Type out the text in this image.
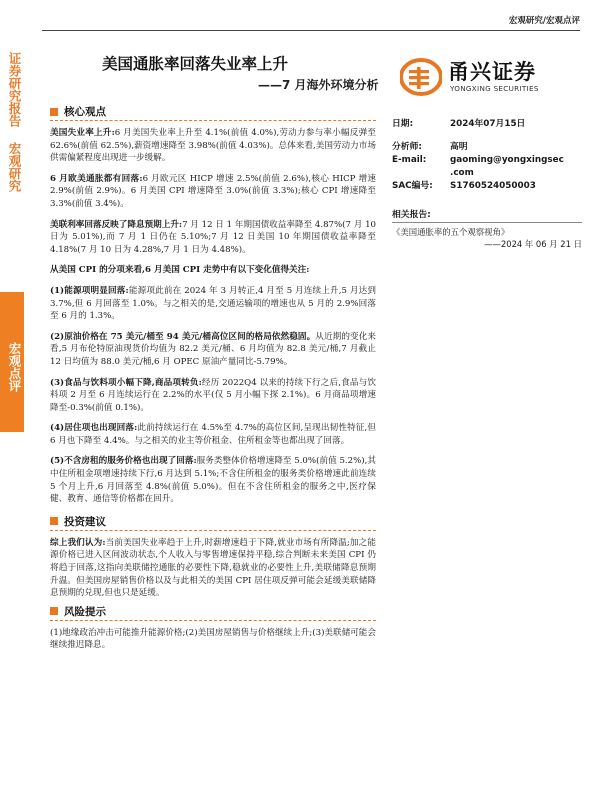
证券研究报告 宏观研究
宏观点评
宏观研究/宏观点评
美国通胀率回落失业率上升
——7 月海外环境分析
甬兴证券
YONGXING SECURITIES
核心观点

美国失业率上升:6 月美国失业率上升至 4.1%(前值 4.0%),劳动力参与率小幅反弹至 62.6%(前值 62.5%),薪资增速降至 3.98%(前值 4.03%)。总体来看,美国劳动力市场供需偏紧程度出现进一步缓解。

6 月欧美通胀都有回落:6 月欧元区 HICP 增速 2.5%(前值 2.6%),核心 HICP 增速 2.9%(前值 2.9%)。6 月美国 CPI 增速降至 3.0%(前值 3.3%);核心 CPI 增速降至 3.3%(前值 3.4%)。

美联利率回落反映了降息预期上升:7 月 12 日 1 年期国债收益率降至 4.87%(7 月 10 日为 5.01%),而 7 月 1 日仍在 5.10%;7 月 12 日美国 10 年期国债收益率降至 4.18%(7 月 10 日为 4.28%,7 月 1 日为 4.48%)。

从美国 CPI 的分项来看,6 月美国 CPI 走势中有以下变化值得关注:

(1)能源项明显回落:能源项此前在 2024 年 3 月转正,4 月至 5 月连续上升,5 月达到 3.7%,但 6 月回落至 1.0%。与之相关的是,交通运输项的增速也从 5 月的 2.9%回落至 6 月的 1.3%。

(2)原油价格在 75 美元/桶至 94 美元/桶高位区间的格局依然稳固。从近期的变化来看,5 月布伦特原油现货价均值为 82.2 美元/桶、6 月均值为 82.8 美元/桶,7 月截止 12 日均值为 88.0 美元/桶,6 月 OPEC 原油产量同比-5.79%。

(3)食品与饮料项小幅下降,商品项转负:经历 2022Q4 以来的持续下行之后,食品与饮料项 2 月至 6 月连续运行在 2.2%的水平(仅 5 月小幅下探 2.1%)。6 月商品项增速降至-0.3%(前值 0.1%)。

(4)居住项也出现回落:此前持续运行在 4.5%至 4.7%的高位区间,呈现出韧性特征,但 6 月也下降至 4.4%。与之相关的业主等价租金、住所租金等也都出现了回落。

(5)不含房租的服务价格也出现了回落:服务类整体价格增速降至 5.0%(前值 5.2%),其中住所租金项增速持续下行,6 月达到 5.1%;不含住所租金的服务类价格增速此前连续 5 个月上升,6 月回落至 4.8%(前值 5.0%)。但在不含住所租金的服务之中,医疗保健、教育、通信等价格都在回升。

投资建议

综上我们认为:当前美国失业率趋于上升,时薪增速趋于下降,就业市场有所降温;加之能源价格已进入区间波动状态,个人收入与零售增速保持平稳,综合判断未来美国 CPI 仍将趋于回落,这指向美联储控通胀的必要性下降,稳就业的必要性上升,美联储降息预期升温。但美国房屋销售价格以及与此相关的美国 CPI 居住项反弹可能会延缓美联储降息预期的兑现,但也只是延缓。

风险提示

(1)地缘政治冲击可能推升能源价格;(2)美国房屋销售与价格继续上升;(3)美联储可能会继续推迟降息。

日期:	2024年07月15日
分析师:	高明
E-mail:	gaoming@yongxingsec
.com
SAC编号:	S1760524050003
相关报告:
《美国通胀率的五个观察视角》
——2024 年 06 月 21 日
